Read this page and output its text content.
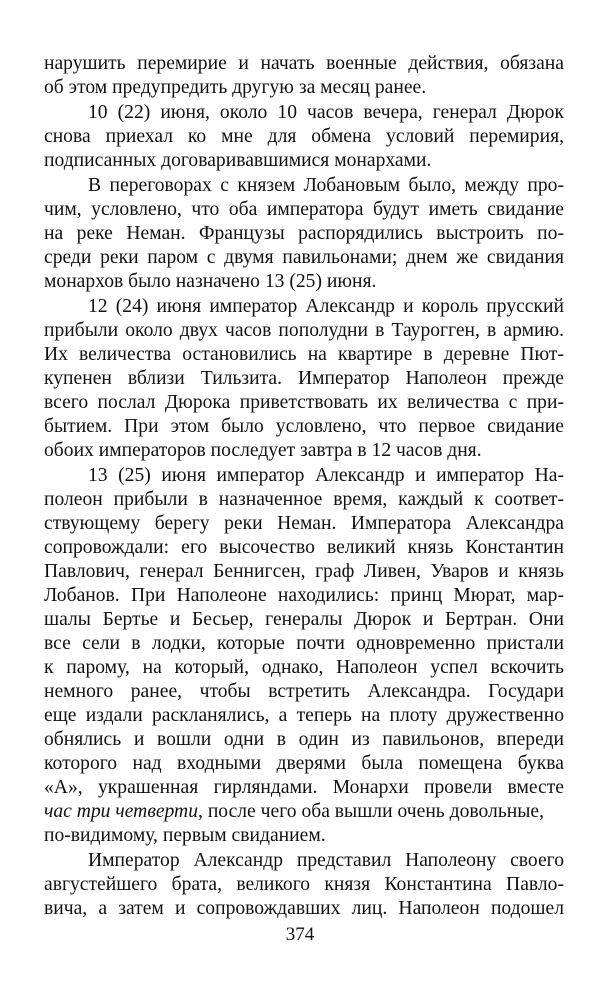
нарушить перемирие и начать военные действия, обязана
об этом предупредить другую за месяц ранее.
10 (22) июня, около 10 часов вечера, генерал Дюрок
снова приехал ко мне для обмена условий перемирия,
подписанных договаривавшимися монархами.
В переговорах с князем Лобановым было, между про-
чим, условлено, что оба императора будут иметь свидание
на реке Неман. Французы распорядились выстроить по-
среди реки паром с двумя павильонами; днем же свидания
монархов было назначено 13 (25) июня.
12 (24) июня император Александр и король прусский
прибыли около двух часов пополудни в Таурогген, в армию.
Их величества остановились на квартире в деревне Пют-
купенен вблизи Тильзита. Император Наполеон прежде
всего послал Дюрока приветствовать их величества с при-
бытием. При этом было условлено, что первое свидание
обоих императоров последует завтра в 12 часов дня.
13 (25) июня император Александр и император На-
полеон прибыли в назначенное время, каждый к соответ-
ствующему берегу реки Неман. Императора Александра
сопровождали: его высочество великий князь Константин
Павлович, генерал Беннигсен, граф Ливен, Уваров и князь
Лобанов. При Наполеоне находились: принц Мюрат, мар-
шалы Бертье и Бесьер, генералы Дюрок и Бертран. Они
все сели в лодки, которые почти одновременно пристали
к парому, на который, однако, Наполеон успел вскочить
немного ранее, чтобы встретить Александра. Государи
еще издали раскланялись, а теперь на плоту дружественно
обнялись и вошли одни в один из павильонов, впереди
которого над входными дверями была помещена буква
«А», украшенная гирляндами. Монархи провели вместе
час три четверти, после чего оба вышли очень довольные,
по-видимому, первым свиданием.
Император Александр представил Наполеону своего
августейшего брата, великого князя Константина Павло-
вича, а затем и сопровождавших лиц. Наполеон подошел
374
